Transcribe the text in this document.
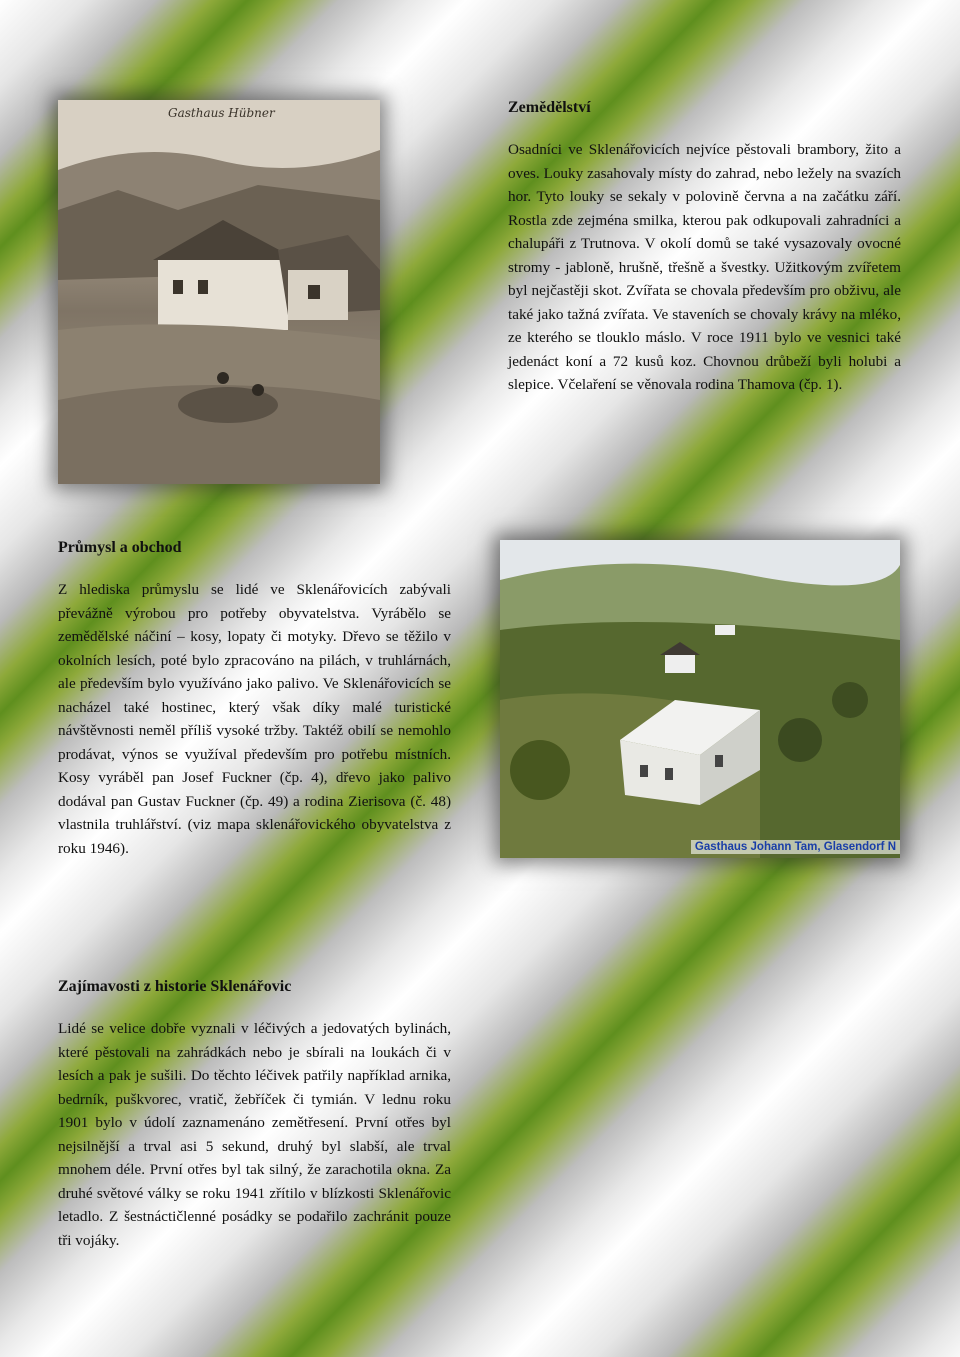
Gasthaus Hübner
Gasthaus Johann Tam, Glasendorf N
Zemědělství

Osadníci ve Sklenářovicích nejvíce pěstovali brambory, žito a oves. Louky zasahovaly místy do zahrad, nebo ležely na svazích hor. Tyto louky se sekaly v polovině června a na začátku září. Rostla zde zejména smilka, kterou pak odkupovali zahradníci a chalupáři z Trutnova. V okolí domů se také vysazovaly ovocné stromy - jabloně, hrušně, třešně a švestky. Užitkovým zvířetem byl nejčastěji skot. Zvířata se chovala především pro obživu, ale také jako tažná zvířata. Ve staveních se chovaly krávy na mléko, ze kterého se tlouklo máslo. V roce 1911 bylo ve vesnici také jedenáct koní a 72 kusů koz. Chovnou drůbeží byli holubi a slepice. Včelaření se věnovala rodina Thamova (čp. 1).

Průmysl a obchod

Z hlediska průmyslu se lidé ve Sklenářovicích zabývali převážně výrobou pro potřeby obyvatelstva. Vyrábělo se zemědělské náčiní – kosy, lopaty či motyky. Dřevo se těžilo v okolních lesích, poté bylo zpracováno na pilách, v truhlárnách, ale především bylo využíváno jako palivo. Ve Sklenářovicích se nacházel také hostinec, který však díky malé turistické návštěvnosti neměl příliš vysoké tržby. Taktéž obilí se nemohlo prodávat, výnos se využíval především pro potřebu místních. Kosy vyráběl pan Josef Fuckner (čp. 4), dřevo jako palivo dodával pan Gustav Fuckner (čp. 49) a rodina Zierisova (č. 48) vlastnila truhlářství. (viz mapa sklenářovického obyvatelstva z roku 1946).

Zajímavosti z historie Sklenářovic

Lidé se velice dobře vyznali v léčivých a jedovatých bylinách, které pěstovali na zahrádkách nebo je sbírali na loukách či v lesích a pak je sušili. Do těchto léčivek patřily například arnika, bedrník, puškvorec, vratič, žebříček či tymián. V lednu roku 1901 bylo v údolí zaznamenáno zemětřesení. První otřes byl nejsilnější a trval asi 5 sekund, druhý byl slabší, ale trval mnohem déle. První otřes byl tak silný, že zarachotila okna. Za druhé světové války se roku 1941 zřítilo v blízkosti Sklenářovic letadlo. Z šestnáctičlenné posádky se podařilo zachránit pouze tři vojáky.
